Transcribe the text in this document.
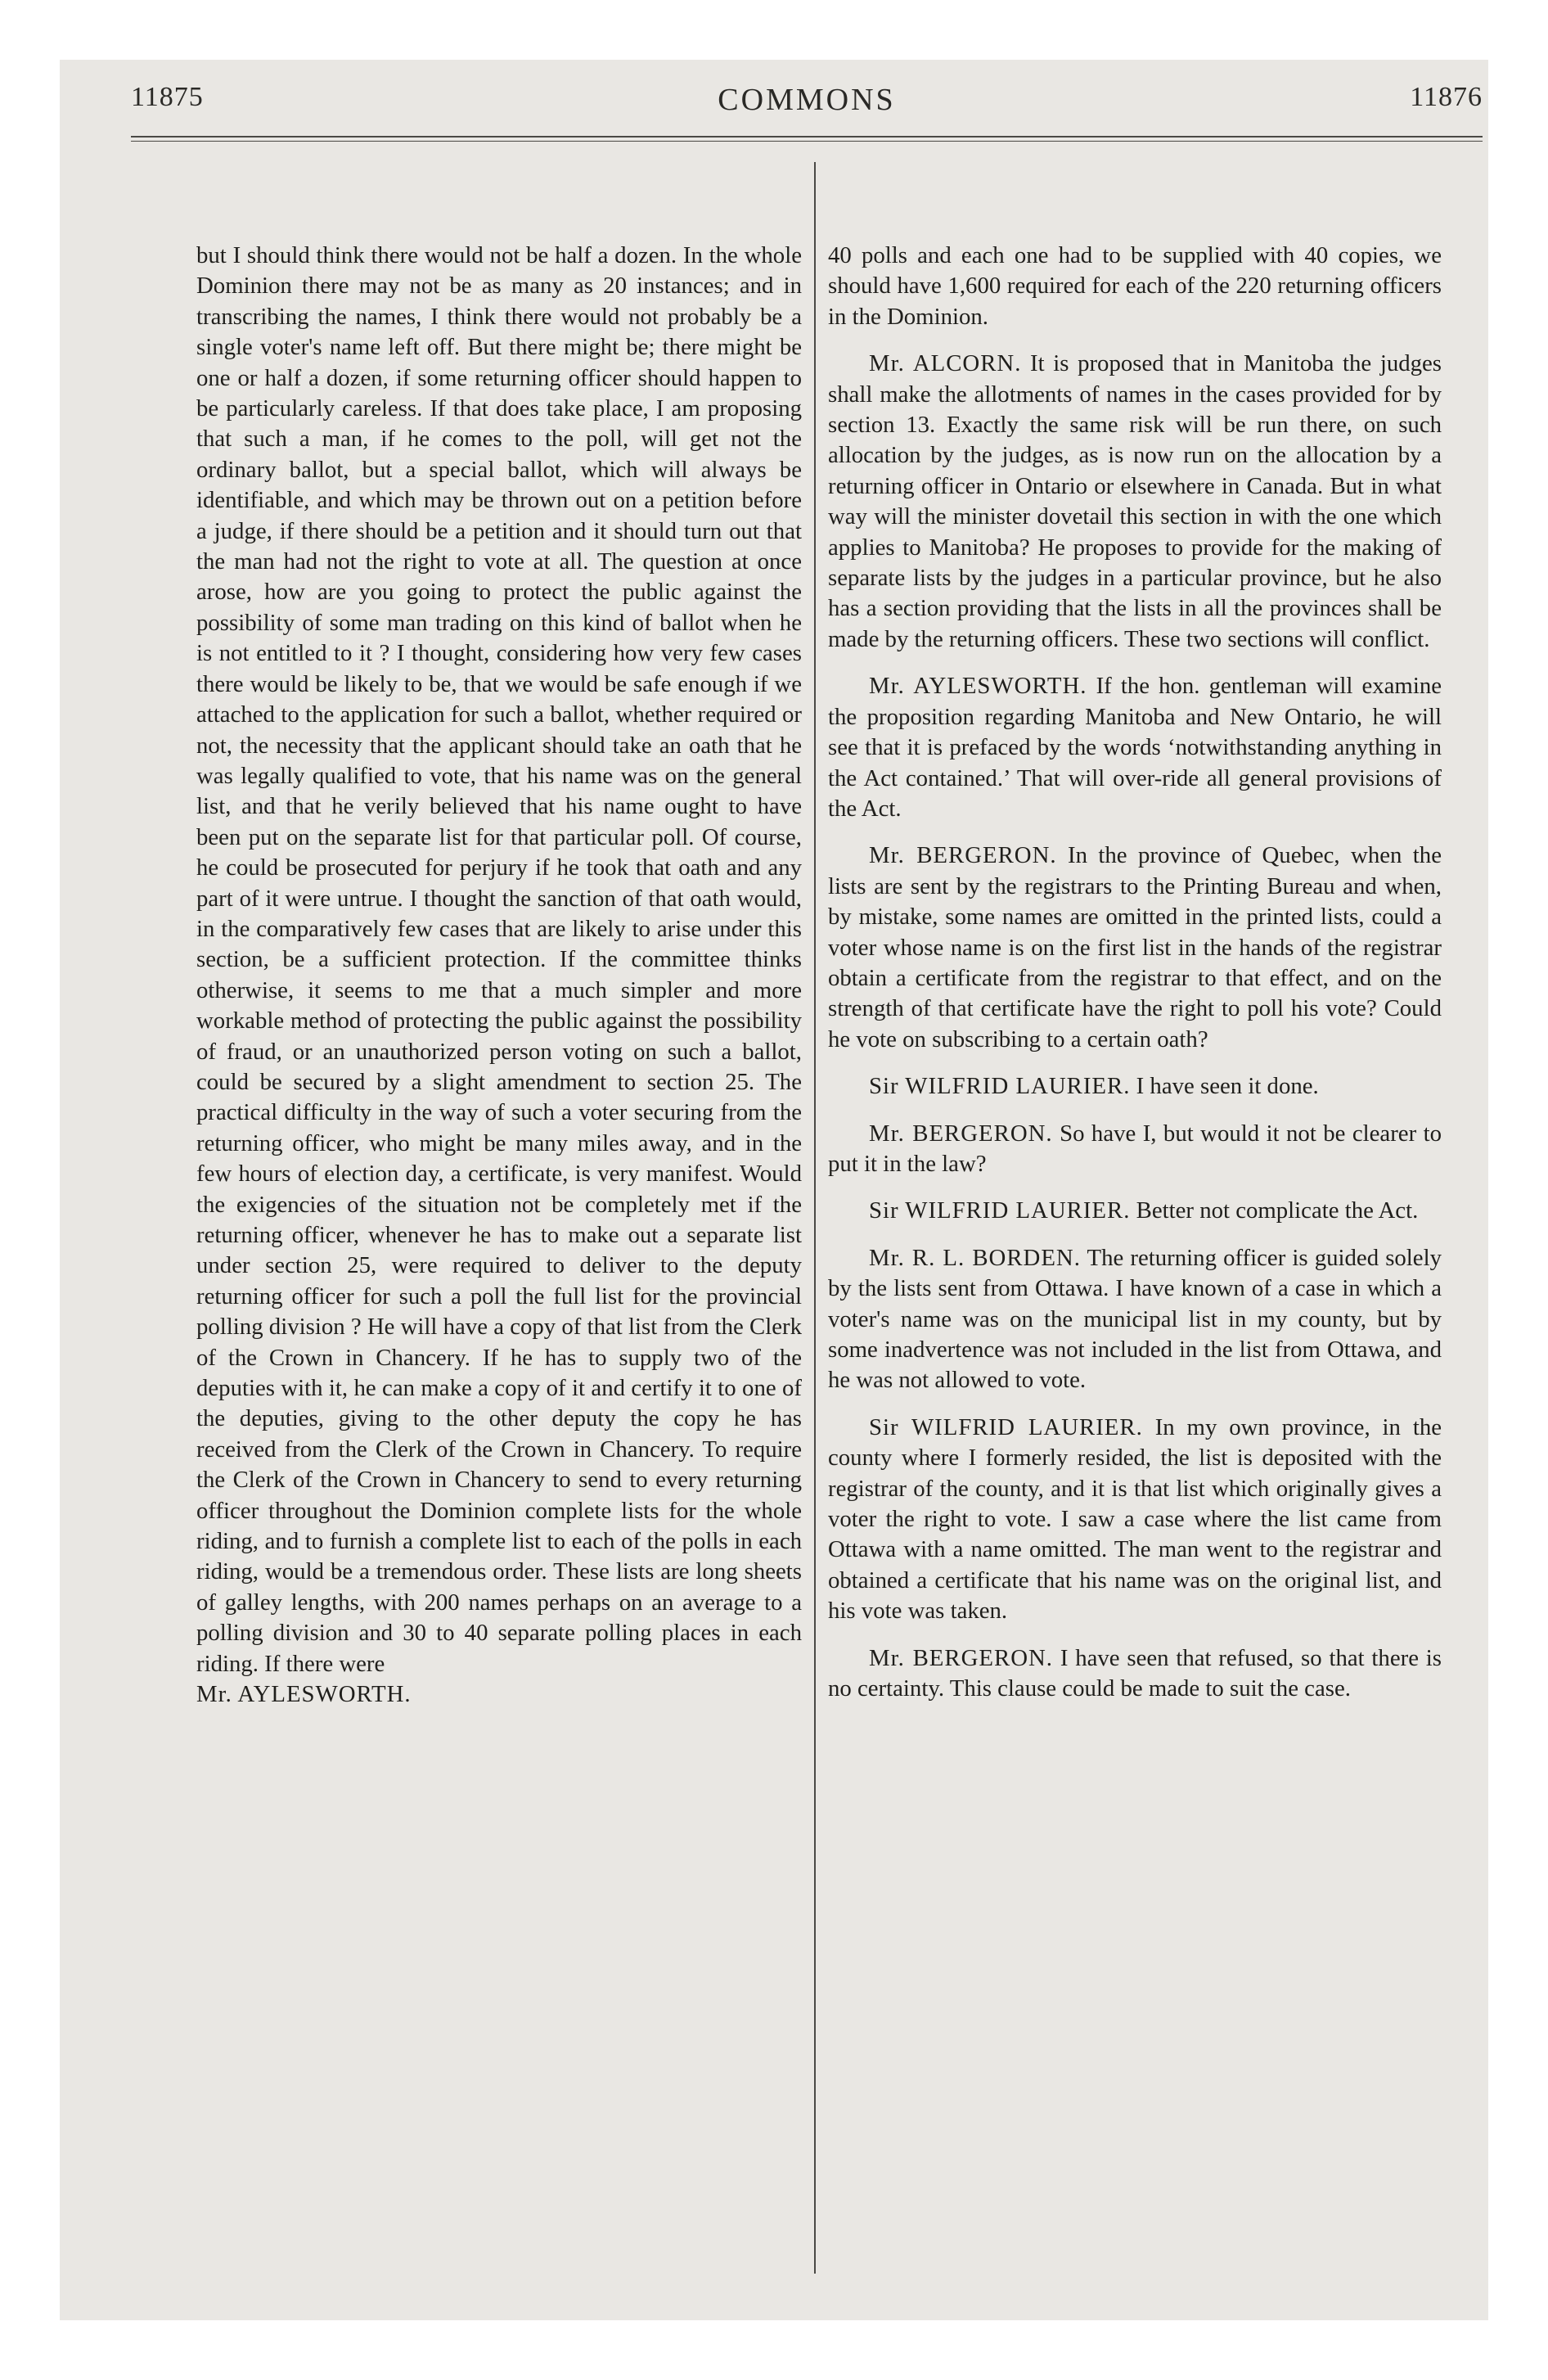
11875	COMMONS	11876

but I should think there would not be half a dozen. In the whole Dominion there may not be as many as 20 instances; and in transcribing the names, I think there would not probably be a single voter's name left off. But there might be; there might be one or half a dozen, if some returning officer should happen to be particularly careless. If that does take place, I am proposing that such a man, if he comes to the poll, will get not the ordinary ballot, but a special ballot, which will always be identifiable, and which may be thrown out on a petition before a judge, if there should be a petition and it should turn out that the man had not the right to vote at all. The question at once arose, how are you going to protect the public against the possibility of some man trading on this kind of ballot when he is not entitled to it ? I thought, considering how very few cases there would be likely to be, that we would be safe enough if we attached to the application for such a ballot, whether required or not, the necessity that the applicant should take an oath that he was legally qualified to vote, that his name was on the general list, and that he verily believed that his name ought to have been put on the separate list for that particular poll. Of course, he could be prosecuted for perjury if he took that oath and any part of it were untrue. I thought the sanction of that oath would, in the comparatively few cases that are likely to arise under this section, be a sufficient protection. If the committee thinks otherwise, it seems to me that a much simpler and more workable method of protecting the public against the possibility of fraud, or an unauthorized person voting on such a ballot, could be secured by a slight amendment to section 25. The practical difficulty in the way of such a voter securing from the returning officer, who might be many miles away, and in the few hours of election day, a certificate, is very manifest. Would the exigencies of the situation not be completely met if the returning officer, whenever he has to make out a separate list under section 25, were required to deliver to the deputy returning officer for such a poll the full list for the provincial polling division ? He will have a copy of that list from the Clerk of the Crown in Chancery. If he has to supply two of the deputies with it, he can make a copy of it and certify it to one of the deputies, giving to the other deputy the copy he has received from the Clerk of the Crown in Chancery. To require the Clerk of the Crown in Chancery to send to every returning officer throughout the Dominion complete lists for the whole riding, and to furnish a complete list to each of the polls in each riding, would be a tremendous order. These lists are long sheets of galley lengths, with 200 names perhaps on an average to a polling division and 30 to 40 separate polling places in each riding. If there were

Mr. AYLESWORTH.

40 polls and each one had to be supplied with 40 copies, we should have 1,600 required for each of the 220 returning officers in the Dominion.

Mr. ALCORN. It is proposed that in Manitoba the judges shall make the allotments of names in the cases provided for by section 13. Exactly the same risk will be run there, on such allocation by the judges, as is now run on the allocation by a returning officer in Ontario or elsewhere in Canada. But in what way will the minister dovetail this section in with the one which applies to Manitoba? He proposes to provide for the making of separate lists by the judges in a particular province, but he also has a section providing that the lists in all the provinces shall be made by the returning officers. These two sections will conflict.

Mr. AYLESWORTH. If the hon. gentleman will examine the proposition regarding Manitoba and New Ontario, he will see that it is prefaced by the words ‘notwithstanding anything in the Act contained.’ That will over-ride all general provisions of the Act.

Mr. BERGERON. In the province of Quebec, when the lists are sent by the registrars to the Printing Bureau and when, by mistake, some names are omitted in the printed lists, could a voter whose name is on the first list in the hands of the registrar obtain a certificate from the registrar to that effect, and on the strength of that certificate have the right to poll his vote? Could he vote on subscribing to a certain oath?

Sir WILFRID LAURIER. I have seen it done.

Mr. BERGERON. So have I, but would it not be clearer to put it in the law?

Sir WILFRID LAURIER. Better not complicate the Act.

Mr. R. L. BORDEN. The returning officer is guided solely by the lists sent from Ottawa. I have known of a case in which a voter's name was on the municipal list in my county, but by some inadvertence was not included in the list from Ottawa, and he was not allowed to vote.

Sir WILFRID LAURIER. In my own province, in the county where I formerly resided, the list is deposited with the registrar of the county, and it is that list which originally gives a voter the right to vote. I saw a case where the list came from Ottawa with a name omitted. The man went to the registrar and obtained a certificate that his name was on the original list, and his vote was taken.

Mr. BERGERON. I have seen that refused, so that there is no certainty. This clause could be made to suit the case.
